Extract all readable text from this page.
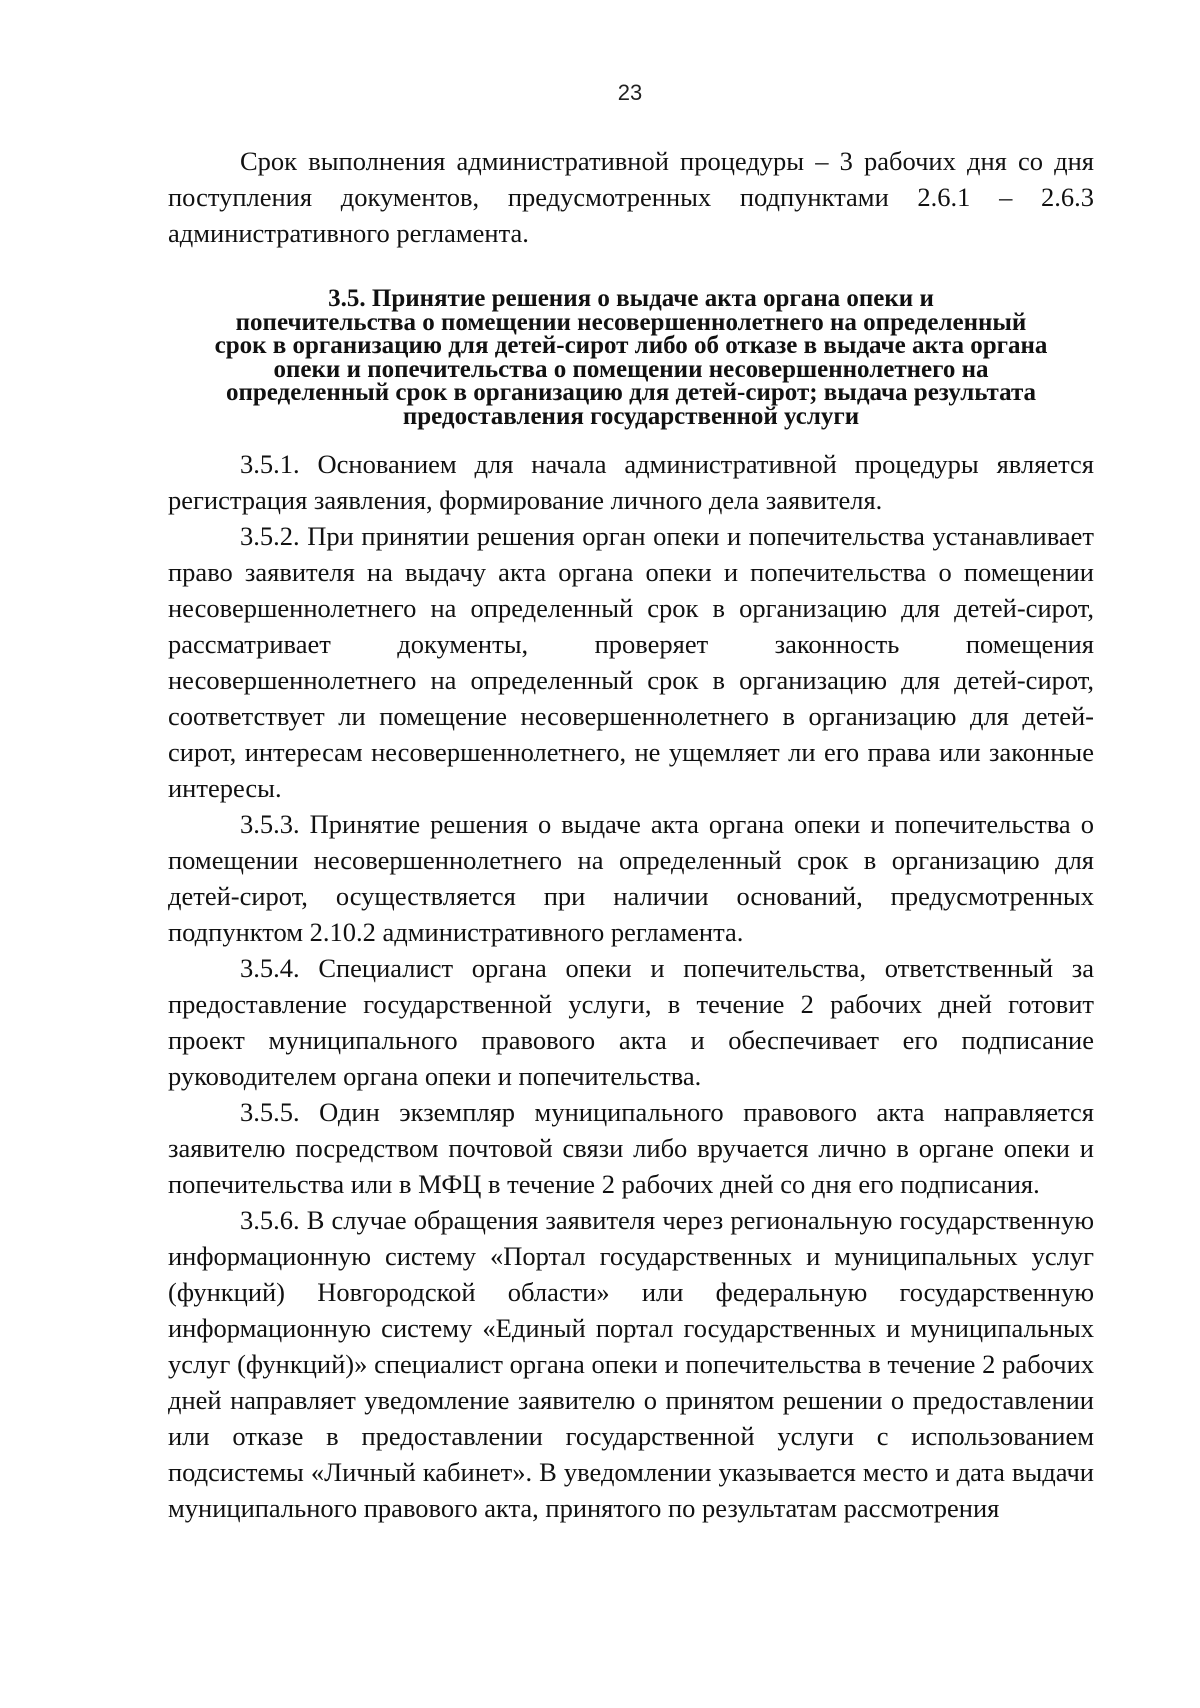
23

Срок выполнения административной процедуры – 3 рабочих дня со дня поступления документов, предусмотренных подпунктами 2.6.1 – 2.6.3 административного регламента.

3.5. Принятие решения о выдаче акта органа опеки и
попечительства о помещении несовершеннолетнего на определенный
срок в организацию для детей-сирот либо об отказе в выдаче акта органа
опеки и попечительства о помещении несовершеннолетнего на
определенный срок в организацию для детей-сирот; выдача результата
предоставления государственной услуги

3.5.1. Основанием для начала административной процедуры является регистрация заявления, формирование личного дела заявителя.

3.5.2. При принятии решения орган опеки и попечительства устанавливает право заявителя на выдачу акта органа опеки и попечительства о помещении несовершеннолетнего на определенный срок в организацию для детей-сирот, рассматривает документы, проверяет законность помещения несовершеннолетнего на определенный срок в организацию для детей-сирот, соответствует ли помещение несовершеннолетнего в организацию для детей-сирот, интересам несовершеннолетнего, не ущемляет ли его права или законные интересы.

3.5.3. Принятие решения о выдаче акта органа опеки и попечительства о помещении несовершеннолетнего на определенный срок в организацию для детей-сирот, осуществляется при наличии оснований, предусмотренных подпунктом 2.10.2 административного регламента.

3.5.4. Специалист органа опеки и попечительства, ответственный за предоставление государственной услуги, в течение 2 рабочих дней готовит проект муниципального правового акта и обеспечивает его подписание руководителем органа опеки и попечительства.

3.5.5. Один экземпляр муниципального правового акта направляется заявителю посредством почтовой связи либо вручается лично в органе опеки и попечительства или в МФЦ в течение 2 рабочих дней со дня его подписания.

3.5.6. В случае обращения заявителя через региональную государственную информационную систему «Портал государственных и муниципальных услуг (функций) Новгородской области» или федеральную государственную информационную систему «Единый портал государственных и муниципальных услуг (функций)» специалист органа опеки и попечительства в течение 2 рабочих дней направляет уведомление заявителю о принятом решении о предоставлении или отказе в предоставлении государственной услуги с использованием подсистемы «Личный кабинет». В уведомлении указывается место и дата выдачи муниципального правового акта, принятого по результатам рассмотрения
